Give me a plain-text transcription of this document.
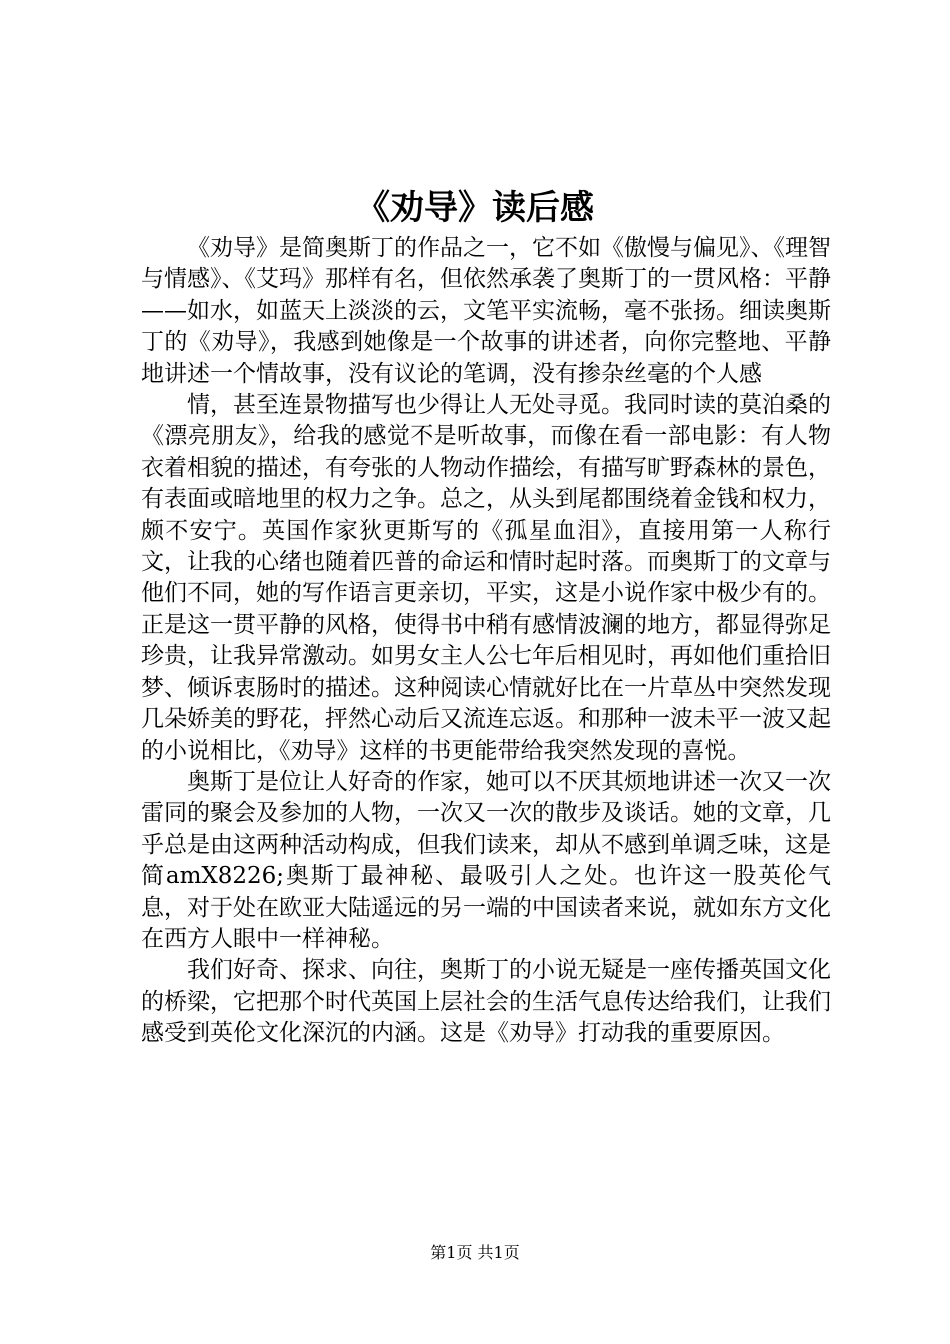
《劝导》读后感

《劝导》是简奥斯丁的作品之一，它不如《傲慢与偏见》、《理智与情感》、《艾玛》那样有名，但依然承袭了奥斯丁的一贯风格：平静——如水，如蓝天上淡淡的云，文笔平实流畅，毫不张扬。细读奥斯丁的《劝导》，我感到她像是一个故事的讲述者，向你完整地、平静地讲述一个情故事，没有议论的笔调，没有掺杂丝毫的个人感

情，甚至连景物描写也少得让人无处寻觅。我同时读的莫泊桑的《漂亮朋友》，给我的感觉不是听故事，而像在看一部电影：有人物衣着相貌的描述，有夸张的人物动作描绘，有描写旷野森林的景色，有表面或暗地里的权力之争。总之，从头到尾都围绕着金钱和权力，颇不安宁。英国作家狄更斯写的《孤星血泪》，直接用第一人称行文，让我的心绪也随着匹普的命运和情时起时落。而奥斯丁的文章与他们不同，她的写作语言更亲切，平实，这是小说作家中极少有的。正是这一贯平静的风格，使得书中稍有感情波澜的地方，都显得弥足珍贵，让我异常激动。如男女主人公七年后相见时，再如他们重拾旧梦、倾诉衷肠时的描述。这种阅读心情就好比在一片草丛中突然发现几朵娇美的野花，抨然心动后又流连忘返。和那种一波未平一波又起的小说相比，《劝导》这样的书更能带给我突然发现的喜悦。

奥斯丁是位让人好奇的作家，她可以不厌其烦地讲述一次又一次雷同的聚会及参加的人物，一次又一次的散步及谈话。她的文章，几乎总是由这两种活动构成，但我们读来，却从不感到单调乏味，这是简amX8226;奥斯丁最神秘、最吸引人之处。也许这一股英伦气息，对于处在欧亚大陆遥远的另一端的中国读者来说，就如东方文化在西方人眼中一样神秘。

我们好奇、探求、向往，奥斯丁的小说无疑是一座传播英国文化的桥梁，它把那个时代英国上层社会的生活气息传达给我们，让我们感受到英伦文化深沉的内涵。这是《劝导》打动我的重要原因。

第1页 共1页
